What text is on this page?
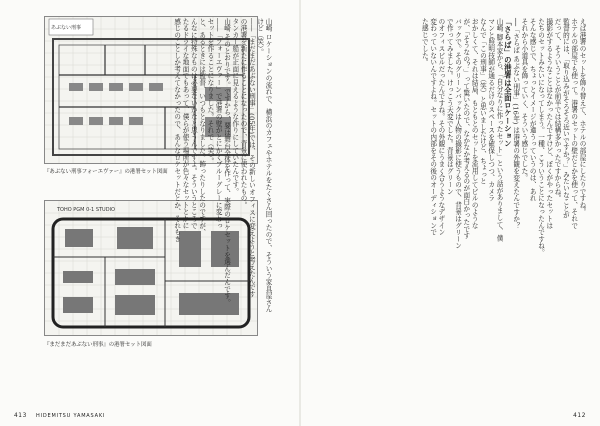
あぶない刑事
『あぶない刑事フォーエヴァー』の港署セット図面
TOHO PGM 0-1 STUDIO
『まだまだあぶない刑事』の港署セット図面
山崎 ロケーションの流れで、横浜のカフェやホテルをたくさん回ったので、そういう家具屋さん
けど（笑）。
――「まだまだあぶない刑事」(05年)では、その新しいオフィスに変えようと考えたんです
の港署を新たに作ることになったので、背景に使われたもの。
タンカー船が正面に見えるような作りにしていたんです。
山崎 そのとおりです。ですから、要は舞台全体を作って、実際のロケセットを選んだんです。
――「フォーエヴァー」で港署の壁がとにかくブルーグレーに変わっ
セットを作ることになりました。それで（笑）。
と、あるときには監督、いつもとなりました。飾ったりしたのですが、
んなに特殊なものは必要ないかなと思うんですよ。そういうところで
たるドライな地面でもあって、僕らが使う場所が色々なセットとかに
感じのことしか考えてなかったので、あんなロケセットだとか、それもき
HIDEMITSU YAMASAKI
413	412
えば港署のセットを飾り替えて、ホテルの部屋にしたりですね。
ホテルの部屋でも使って。港署のセットの壁だとかを使って、それで
監督的には、「取り込みがそろそろ近いですか？」みたいなことが
だって、そういうことが前半では結構多かったですからね。
撮影がするようなことはなかったんですけど、ぼくがやったセットは
たちのセットみたいになってしまう。一種、こういうことになったんですね。
そんな感じで、ちょっとイメージが違うっていうのは、あれ
それから小道具を飾っていく、そういう感じでした。
──「さらば あぶない刑事」(16年) は港署の外観を変えたんですか？
「さらば」の港署は全面ロケーション
山崎 脚本家から、「自分なりに作ったセット」という話がありまして、僕
マンと照明技師が通るだけのスペースを確保しつつ、カメラ
なんで「この刑事」（笑）と思いましたけど、ちょっと
おかしくて、それは結局、もともとのセットを流用してビルのような
が、「そうなの？」って驚いたので、なかなか考えるのが面白かったです
バックで。そのグリーンバックは人物の撮影に使うもので、背景はグリーン
で作ってみました。けっこう天変でした。背景はグリーン
のオフィスビルだったんですね。その外観にうまく合うようなデザイン
変わっていないんですよね。セットの内部をその後のオーディションで
た感じでした。
